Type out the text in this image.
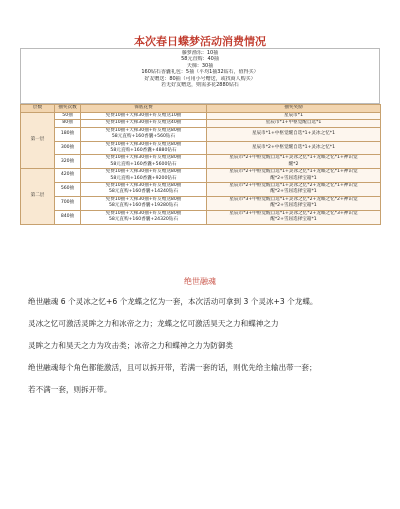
本次春日蝶梦活动消费情况
藤萝渔乐：10抽
58元直购：40抽
天梯：30抽
160钻石香囊礼包：5抽（平均1抽32钻石，值得买）
好友赠送：80抽（可用小号赠送，或找商人购买）
若无好友赠送，则需多花2880钻石
层数	抽奖次数	保底花费	抽奖奖励
第一层	50抽	免费10抽+天梯30抽+好友赠送10抽	星辰币*1

	80抽	免费10抽+天梯30抽+好友赠送40抽	星辰币*1+中枢觉醒自选*1

	180抽	免费10抽+天梯30抽+好友赠送80抽
58元直购+160香囊+560钻石	星辰币*1+中枢觉醒自选*1+灵冰之忆*1

	300抽	免费10抽+天梯30抽+好友赠送80抽
58元直购+160香囊+4880钻石	星辰币*2+中枢觉醒自选*1+灵冰之忆*1

	320抽	免费10抽+天梯30抽+好友赠送80抽
58元直购+160香囊+5600钻石	星辰币*2+中枢觉醒自选*1+灵冰之忆*1+龙蝶之忆*1+神识觉
醒*2

第二层	420抽	免费10抽+天梯30抽+好友赠送80抽
58元直购+160香囊+9200钻石	星辰币*2+中枢觉醒自选*1+灵冰之忆*1+龙蝶之忆*1+神识觉
醒*2+雪屈选择宝箱*1

	560抽	免费10抽+天梯30抽+好友赠送80抽
58元直购+160香囊+14240钻石	星辰币*2+中枢觉醒自选*1+灵冰之忆*2+龙蝶之忆*1+神识觉
醒*2+雪屈选择宝箱*1

	700抽	免费10抽+天梯30抽+好友赠送80抽
58元直购+160香囊+19280钻石	星辰币*3+中枢觉醒自选*1+灵冰之忆*2+龙蝶之忆*2+神识觉
醒*2+雪屈选择宝箱*1

	840抽	免费10抽+天梯30抽+好友赠送80抽
58元直购+160香囊+24320钻石	星辰币*3+中枢觉醒自选*1+灵冰之忆*2+龙蝶之忆*3+神识觉
醒*2+雪屈选择宝箱*1
绝世融魂
绝世融魂 6 个灵冰之忆+6 个龙蝶之忆为一套，本次活动可拿到 3 个灵冰+3 个龙蝶。
灵冰之忆可激活灵眸之力和冰帝之力；龙蝶之忆可激活昊天之力和蝶神之力
灵眸之力和昊天之力为攻击类；冰帝之力和蝶神之力为防御类
绝世融魂每个角色都能激活，且可以拆开带，若满一套的话，则优先给主输出带一套；
若不满一套，则拆开带。
